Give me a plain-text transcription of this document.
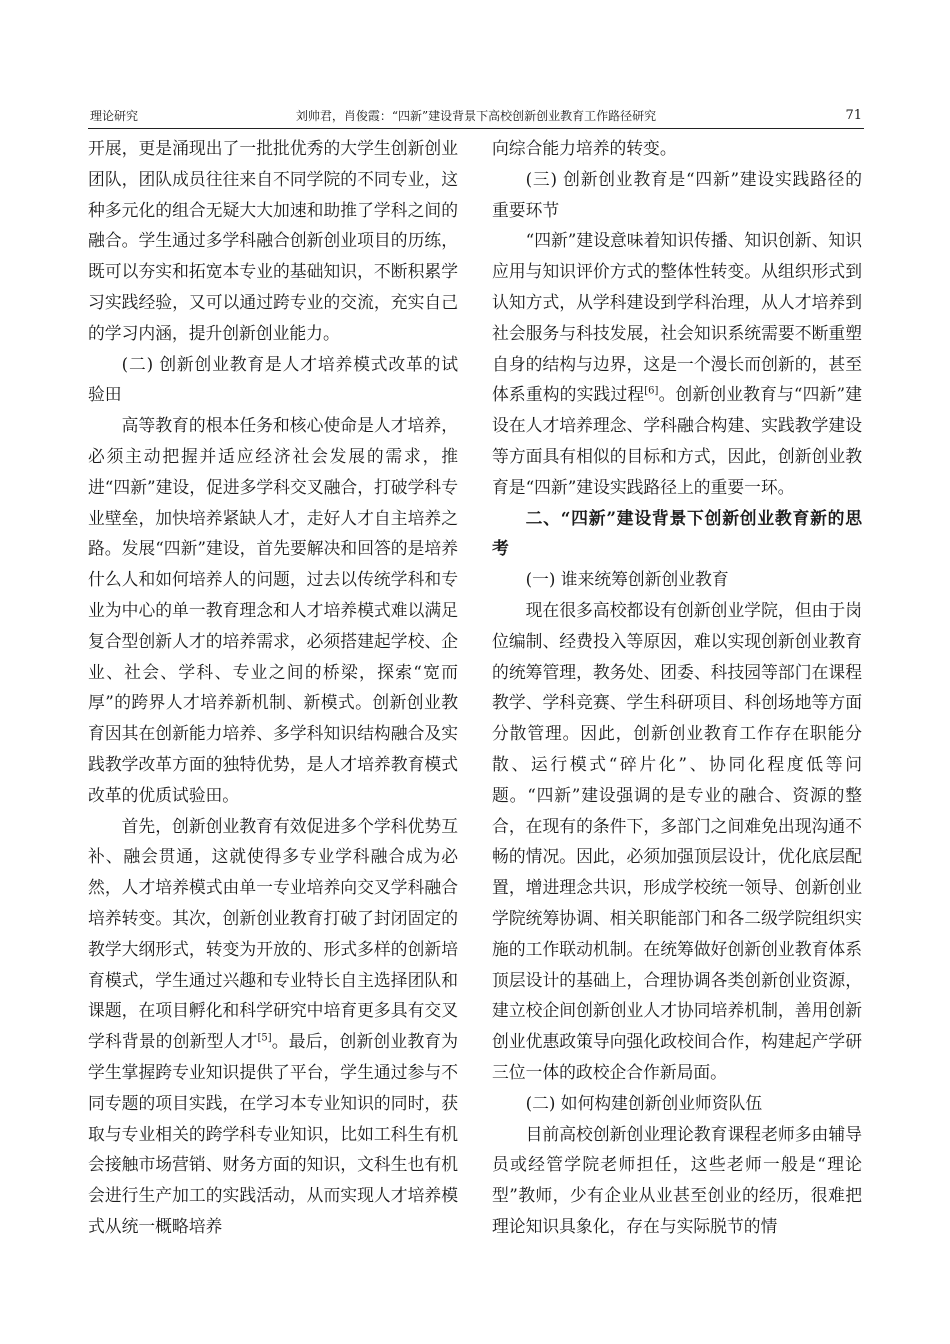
理论研究	刘帅君，肖俊霞：“四新”建设背景下高校创新创业教育工作路径研究	71

开展，更是涌现出了一批批优秀的大学生创新创业团队，团队成员往往来自不同学院的不同专业，这种多元化的组合无疑大大加速和助推了学科之间的融合。学生通过多学科融合创新创业项目的历练，既可以夯实和拓宽本专业的基础知识，不断积累学习实践经验，又可以通过跨专业的交流，充实自己的学习内涵，提升创新创业能力。

(二) 创新创业教育是人才培养模式改革的试验田

高等教育的根本任务和核心使命是人才培养，必须主动把握并适应经济社会发展的需求，推进“四新”建设，促进多学科交叉融合，打破学科专业壁垒，加快培养紧缺人才，走好人才自主培养之路。发展“四新”建设，首先要解决和回答的是培养什么人和如何培养人的问题，过去以传统学科和专业为中心的单一教育理念和人才培养模式难以满足复合型创新人才的培养需求，必须搭建起学校、企业、社会、学科、专业之间的桥梁，探索“宽而厚”的跨界人才培养新机制、新模式。创新创业教育因其在创新能力培养、多学科知识结构融合及实践教学改革方面的独特优势，是人才培养教育模式改革的优质试验田。

首先，创新创业教育有效促进多个学科优势互补、融会贯通，这就使得多专业学科融合成为必然，人才培养模式由单一专业培养向交叉学科融合培养转变。其次，创新创业教育打破了封闭固定的教学大纲形式，转变为开放的、形式多样的创新培育模式，学生通过兴趣和专业特长自主选择团队和课题，在项目孵化和科学研究中培育更多具有交叉学科背景的创新型人才[5]。最后，创新创业教育为学生掌握跨专业知识提供了平台，学生通过参与不同专题的项目实践，在学习本专业知识的同时，获取与专业相关的跨学科专业知识，比如工科生有机会接触市场营销、财务方面的知识，文科生也有机会进行生产加工的实践活动，从而实现人才培养模式从统一概略培养

向综合能力培养的转变。

(三) 创新创业教育是“四新”建设实践路径的重要环节

“四新”建设意味着知识传播、知识创新、知识应用与知识评价方式的整体性转变。从组织形式到认知方式，从学科建设到学科治理，从人才培养到社会服务与科技发展，社会知识系统需要不断重塑自身的结构与边界，这是一个漫长而创新的，甚至体系重构的实践过程[6]。创新创业教育与“四新”建设在人才培养理念、学科融合构建、实践教学建设等方面具有相似的目标和方式，因此，创新创业教育是“四新”建设实践路径上的重要一环。

二、“四新”建设背景下创新创业教育新的思考

(一) 谁来统筹创新创业教育

现在很多高校都设有创新创业学院，但由于岗位编制、经费投入等原因，难以实现创新创业教育的统筹管理，教务处、团委、科技园等部门在课程教学、学科竞赛、学生科研项目、科创场地等方面分散管理。因此，创新创业教育工作存在职能分散、运行模式“碎片化”、协同化程度低等问题。“四新”建设强调的是专业的融合、资源的整合，在现有的条件下，多部门之间难免出现沟通不畅的情况。因此，必须加强顶层设计，优化底层配置，增进理念共识，形成学校统一领导、创新创业学院统筹协调、相关职能部门和各二级学院组织实施的工作联动机制。在统筹做好创新创业教育体系顶层设计的基础上，合理协调各类创新创业资源，建立校企间创新创业人才协同培养机制，善用创新创业优惠政策导向强化政校间合作，构建起产学研三位一体的政校企合作新局面。

(二) 如何构建创新创业师资队伍

目前高校创新创业理论教育课程老师多由辅导员或经管学院老师担任，这些老师一般是“理论型”教师，少有企业从业甚至创业的经历，很难把理论知识具象化，存在与实际脱节的情
